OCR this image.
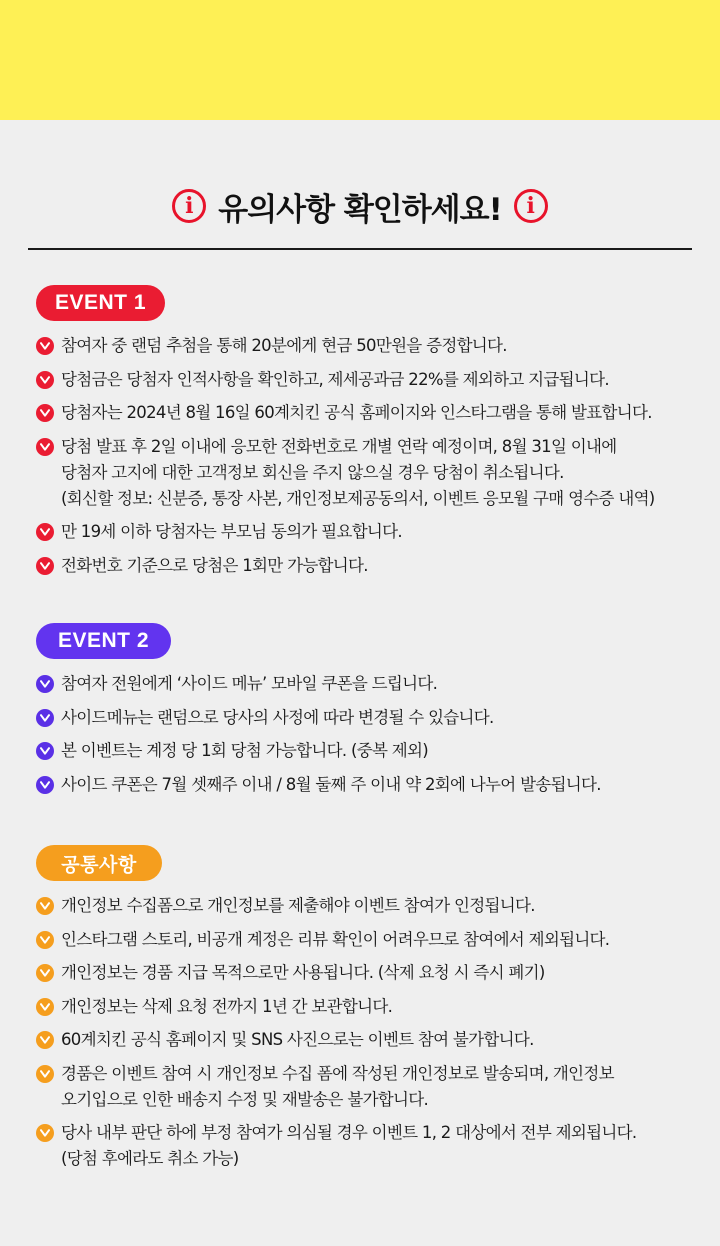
i 유의사항 확인하세요!	i
EVENT 1
참여자 중 랜덤 추첨을 통해 20분에게 현금 50만원을 증정합니다.
당첨금은 당첨자 인적사항을 확인하고, 제세공과금 22%를 제외하고 지급됩니다.
당첨자는 2024년 8월 16일 60계치킨 공식 홈페이지와 인스타그램을 통해 발표합니다.
당첨 발표 후 2일 이내에 응모한 전화번호로 개별 연락 예정이며, 8월 31일 이내에
당첨자 고지에 대한 고객정보 회신을 주지 않으실 경우 당첨이 취소됩니다.
(회신할 정보: 신분증, 통장 사본, 개인정보제공동의서, 이벤트 응모월 구매 영수증 내역)
만 19세 이하 당첨자는 부모님 동의가 필요합니다.
전화번호 기준으로 당첨은 1회만 가능합니다.
EVENT 2
참여자 전원에게 ‘사이드 메뉴’ 모바일 쿠폰을 드립니다.
사이드메뉴는 랜덤으로 당사의 사정에 따라 변경될 수 있습니다.
본 이벤트는 계정 당 1회 당첨 가능합니다. (중복 제외)
사이드 쿠폰은 7월 셋째주 이내 / 8월 둘째 주 이내 약 2회에 나누어 발송됩니다.
공통사항
개인정보 수집폼으로 개인정보를 제출해야 이벤트 참여가 인정됩니다.
인스타그램 스토리, 비공개 계정은 리뷰 확인이 어려우므로 참여에서 제외됩니다.
개인정보는 경품 지급 목적으로만 사용됩니다. (삭제 요청 시 즉시 폐기)
개인정보는 삭제 요청 전까지 1년 간 보관합니다.
60계치킨 공식 홈페이지 및 SNS 사진으로는 이벤트 참여 불가합니다.
경품은 이벤트 참여 시 개인정보 수집 폼에 작성된 개인정보로 발송되며, 개인정보
오기입으로 인한 배송지 수정 및 재발송은 불가합니다.
당사 내부 판단 하에 부정 참여가 의심될 경우 이벤트 1, 2 대상에서 전부 제외됩니다.
(당첨 후에라도 취소 가능)
